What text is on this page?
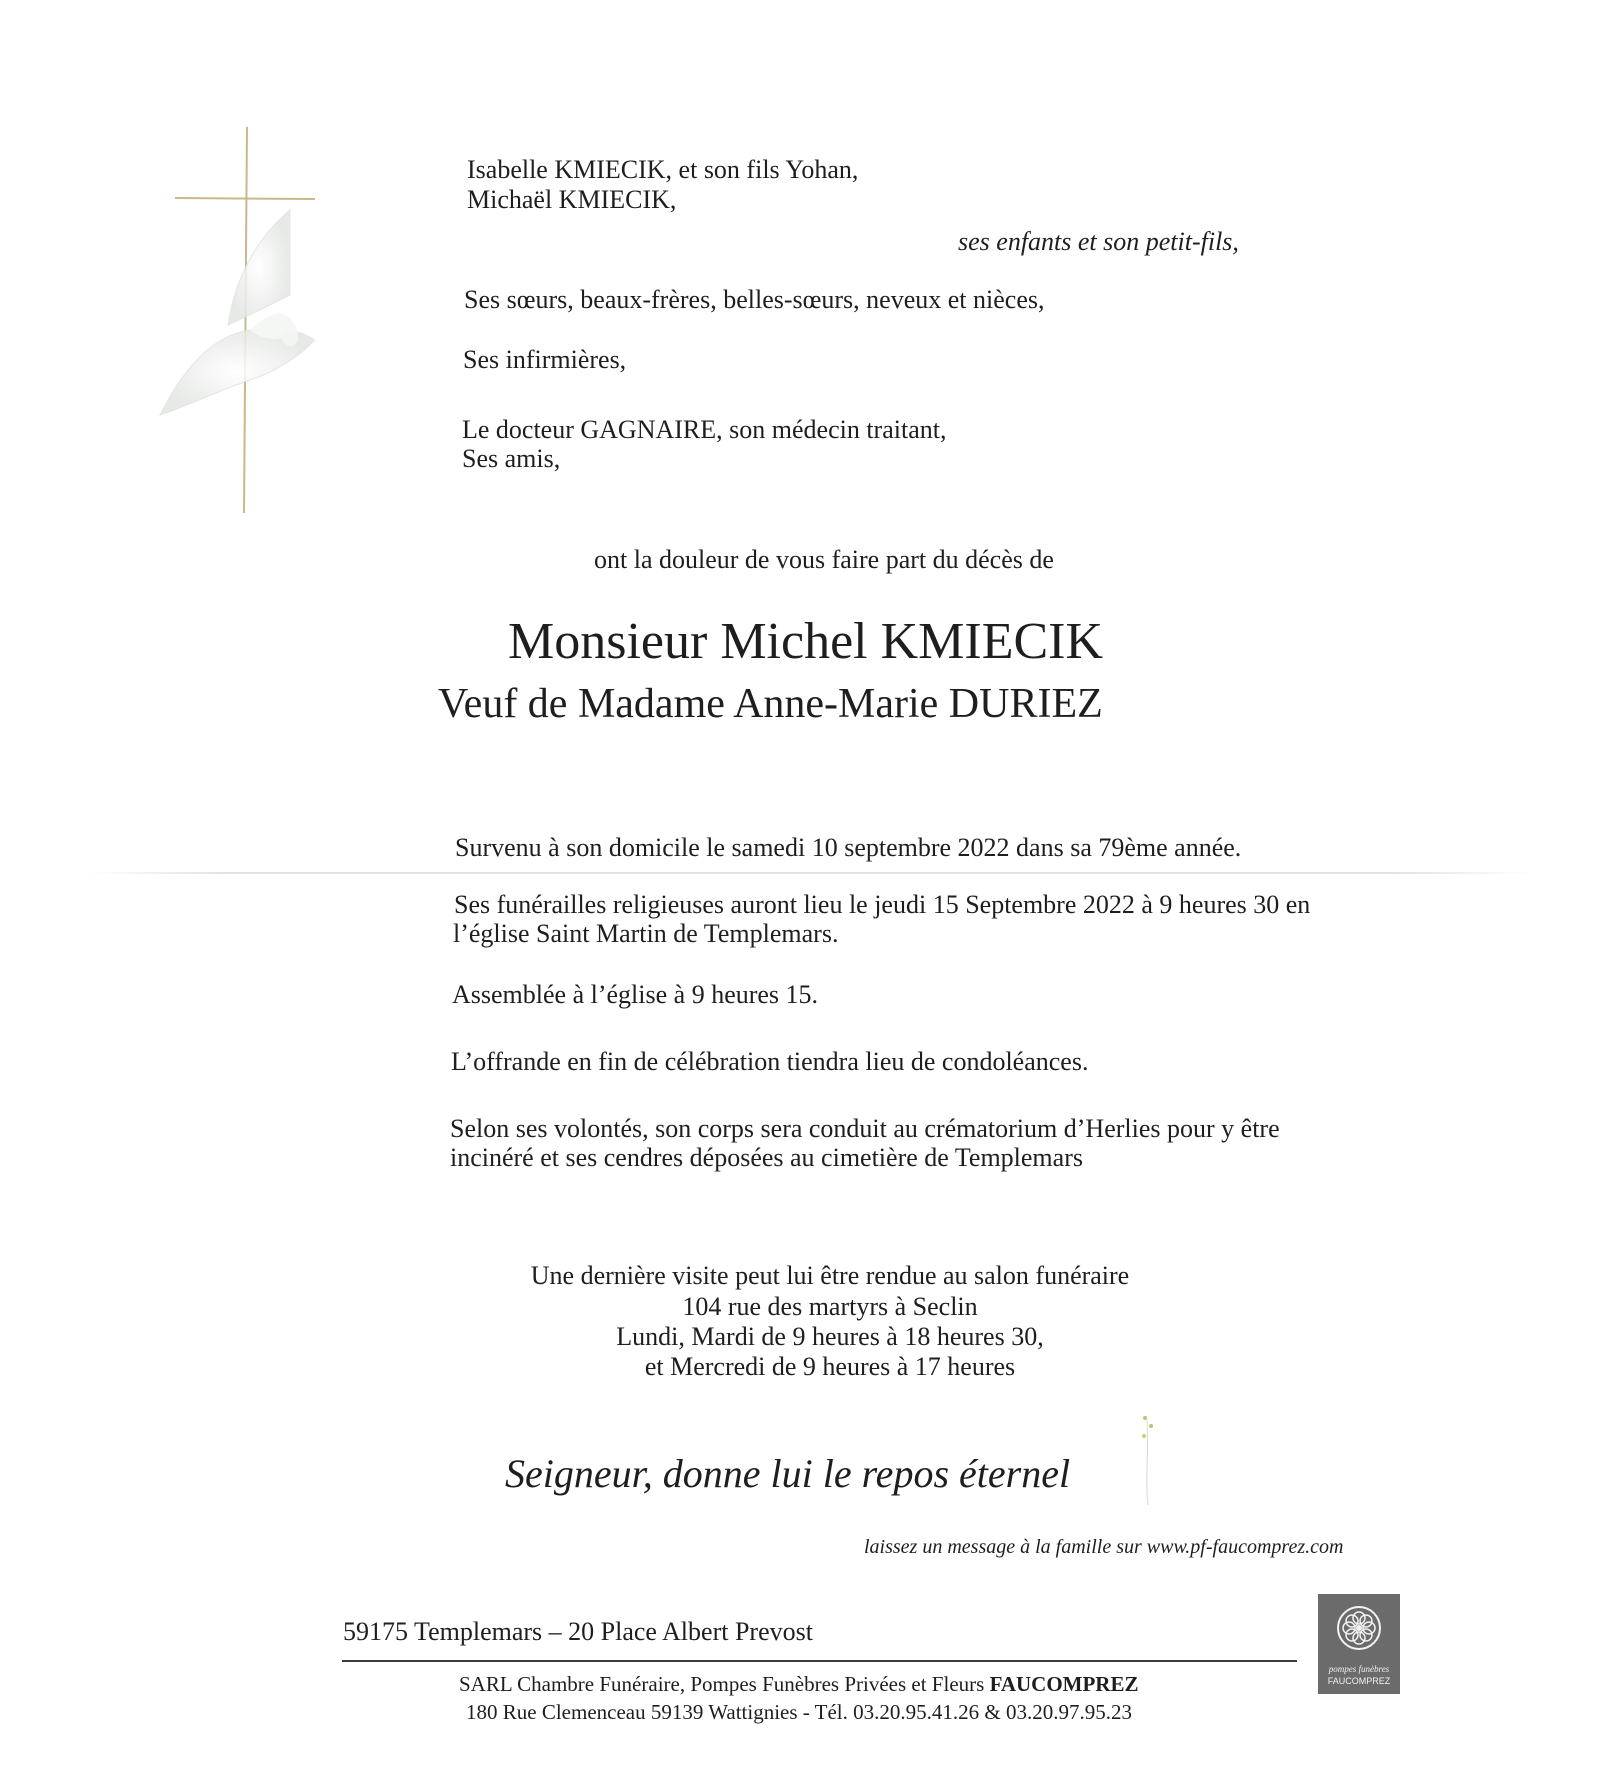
Isabelle KMIECIK, et son fils Yohan,
Michaël KMIECIK,
ses enfants et son petit-fils,
Ses sœurs, beaux-frères, belles-sœurs, neveux et nièces,
Ses infirmières,
Le docteur GAGNAIRE, son médecin traitant,
Ses amis,
ont la douleur de vous faire part du décès de
Monsieur Michel KMIECIK
Veuf de Madame Anne-Marie DURIEZ
Survenu à son domicile le samedi 10 septembre 2022 dans sa 79ème année.
Ses funérailles religieuses auront lieu le jeudi 15 Septembre 2022 à 9 heures 30 en
l’église Saint Martin de Templemars.
Assemblée à l’église à 9 heures 15.
L’offrande en fin de célébration tiendra lieu de condoléances.
Selon ses volontés, son corps sera conduit au crématorium d’Herlies pour y être
incinéré et ses cendres déposées au cimetière de Templemars
Une dernière visite peut lui être rendue au salon funéraire
104 rue des martyrs à Seclin
Lundi, Mardi de 9 heures à 18 heures 30,
et Mercredi de 9 heures à 17 heures
Seigneur, donne lui le repos éternel
laissez un message à la famille sur www.pf-faucomprez.com
59175 Templemars – 20 Place Albert Prevost
SARL Chambre Funéraire, Pompes Funèbres Privées et Fleurs FAUCOMPREZ
180 Rue Clemenceau 59139 Wattignies - Tél. 03.20.95.41.26 & 03.20.97.95.23
pompes funèbres
FAUCOMPREZ
